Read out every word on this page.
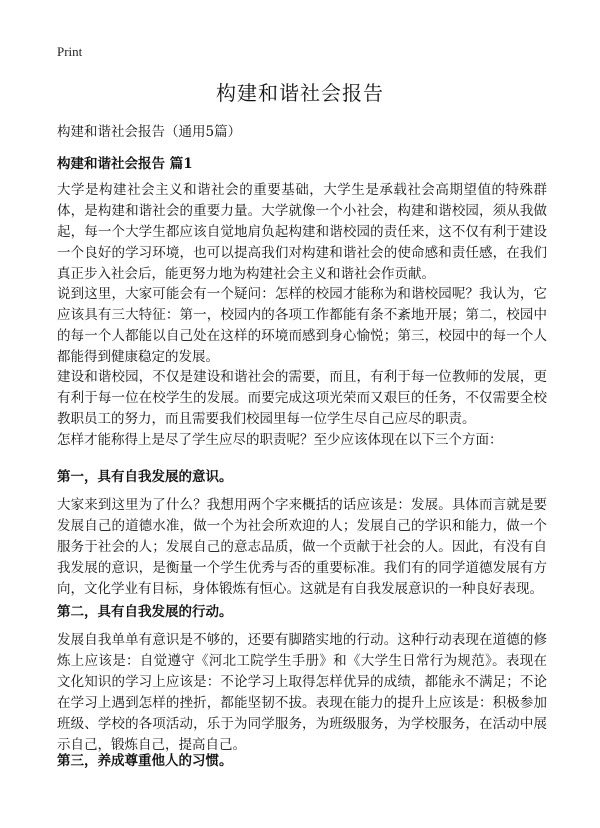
Print
构建和谐社会报告
构建和谐社会报告（通用5篇）
构建和谐社会报告 篇1

大学是构建社会主义和谐社会的重要基础，大学生是承载社会高期望值的特殊群体，是构建和谐社会的重要力量。大学就像一个小社会，构建和谐校园，须从我做起，每一个大学生都应该自觉地肩负起构建和谐校园的责任来，这不仅有利于建设一个良好的学习环境，也可以提高我们对构建和谐社会的使命感和责任感，在我们真正步入社会后，能更努力地为构建社会主义和谐社会作贡献。

说到这里，大家可能会有一个疑问：怎样的校园才能称为和谐校园呢？我认为，它应该具有三大特征：第一，校园内的各项工作都能有条不紊地开展；第二，校园中的每一个人都能以自己处在这样的环境而感到身心愉悦；第三，校园中的每一个人都能得到健康稳定的发展。

建设和谐校园，不仅是建设和谐社会的需要，而且，有利于每一位教师的发展，更有利于每一位在校学生的发展。而要完成这项光荣而又艰巨的任务，不仅需要全校教职员工的努力，而且需要我们校园里每一位学生尽自己应尽的职责。

怎样才能称得上是尽了学生应尽的职责呢？至少应该体现在以下三个方面：

第一，具有自我发展的意识。

大家来到这里为了什么？我想用两个字来概括的话应该是：发展。具体而言就是要发展自己的道德水准，做一个为社会所欢迎的人；发展自己的学识和能力，做一个服务于社会的人；发展自己的意志品质，做一个贡献于社会的人。因此，有没有自我发展的意识，是衡量一个学生优秀与否的重要标准。我们有的同学道德发展有方向，文化学业有目标，身体锻炼有恒心。这就是有自我发展意识的一种良好表现。

第二，具有自我发展的行动。

发展自我单单有意识是不够的，还要有脚踏实地的行动。这种行动表现在道德的修炼上应该是：自觉遵守《河北工院学生手册》和《大学生日常行为规范》。表现在文化知识的学习上应该是：不论学习上取得怎样优异的成绩，都能永不满足；不论在学习上遇到怎样的挫折，都能坚韧不拔。表现在能力的提升上应该是：积极参加班级、学校的各项活动，乐于为同学服务，为班级服务，为学校服务，在活动中展示自己，锻炼自己，提高自己。

第三，养成尊重他人的习惯。
